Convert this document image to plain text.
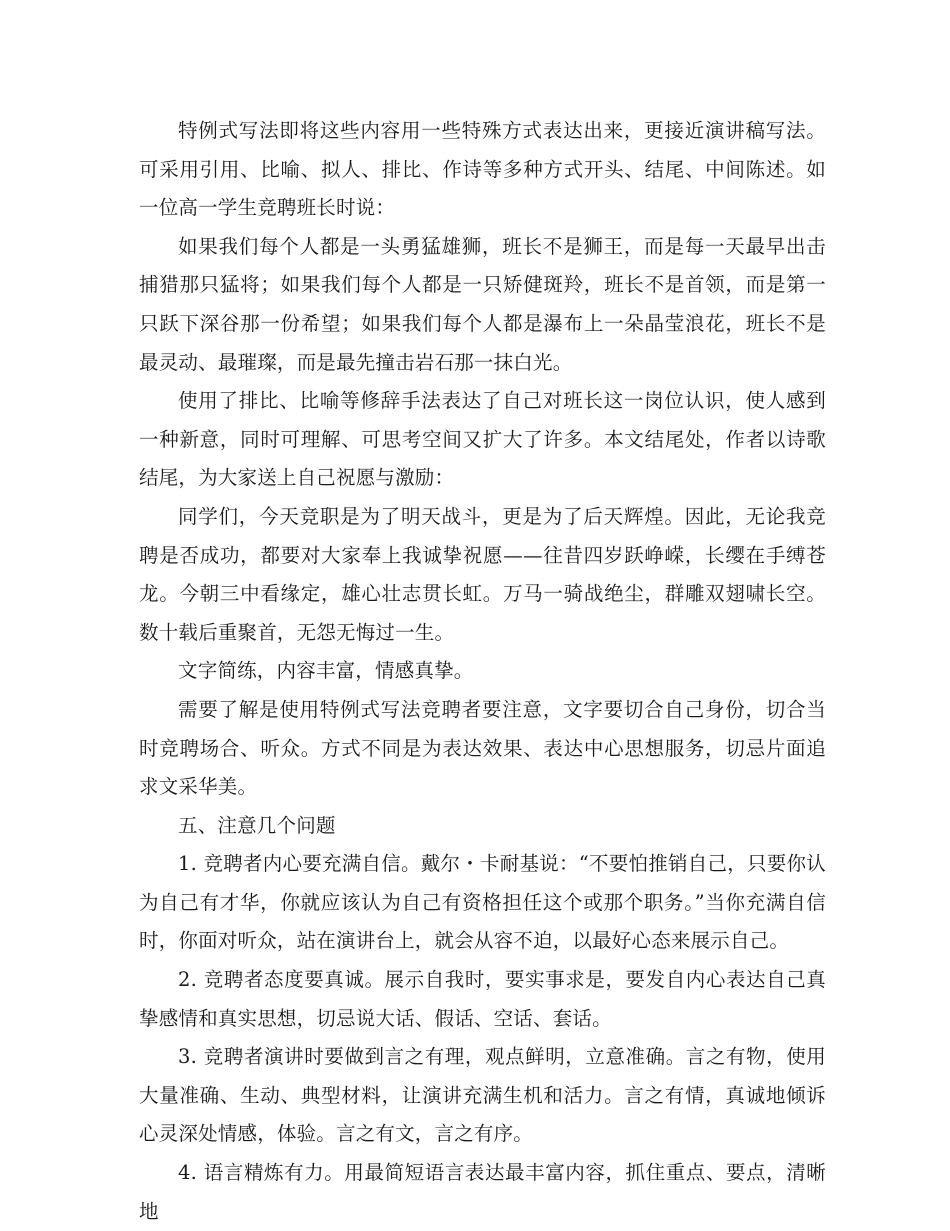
特例式写法即将这些内容用一些特殊方式表达出来，更接近演讲稿写法。可采用引用、比喻、拟人、排比、作诗等多种方式开头、结尾、中间陈述。如一位高一学生竞聘班长时说：

如果我们每个人都是一头勇猛雄狮，班长不是狮王，而是每一天最早出击捕猎那只猛将；如果我们每个人都是一只矫健斑羚，班长不是首领，而是第一只跃下深谷那一份希望；如果我们每个人都是瀑布上一朵晶莹浪花，班长不是最灵动、最璀璨，而是最先撞击岩石那一抹白光。

使用了排比、比喻等修辞手法表达了自己对班长这一岗位认识，使人感到一种新意，同时可理解、可思考空间又扩大了许多。本文结尾处，作者以诗歌结尾，为大家送上自己祝愿与激励：

同学们，今天竞职是为了明天战斗，更是为了后天辉煌。因此，无论我竞聘是否成功，都要对大家奉上我诚挚祝愿——往昔四岁跃峥嵘，长缨在手缚苍龙。今朝三中看缘定，雄心壮志贯长虹。万马一骑战绝尘，群雕双翅啸长空。数十载后重聚首，无怨无悔过一生。

文字简练，内容丰富，情感真挚。

需要了解是使用特例式写法竞聘者要注意，文字要切合自己身份，切合当时竞聘场合、听众。方式不同是为表达效果、表达中心思想服务，切忌片面追求文采华美。

五、注意几个问题

1. 竞聘者内心要充满自信。戴尔・卡耐基说：“不要怕推销自己，只要你认为自己有才华，你就应该认为自己有资格担任这个或那个职务。”当你充满自信时，你面对听众，站在演讲台上，就会从容不迫，以最好心态来展示自己。

2. 竞聘者态度要真诚。展示自我时，要实事求是，要发自内心表达自己真挚感情和真实思想，切忌说大话、假话、空话、套话。

3. 竞聘者演讲时要做到言之有理，观点鲜明，立意准确。言之有物，使用大量准确、生动、典型材料，让演讲充满生机和活力。言之有情，真诚地倾诉心灵深处情感，体验。言之有文，言之有序。

4. 语言精炼有力。用最简短语言表达最丰富内容，抓住重点、要点，清晰地
